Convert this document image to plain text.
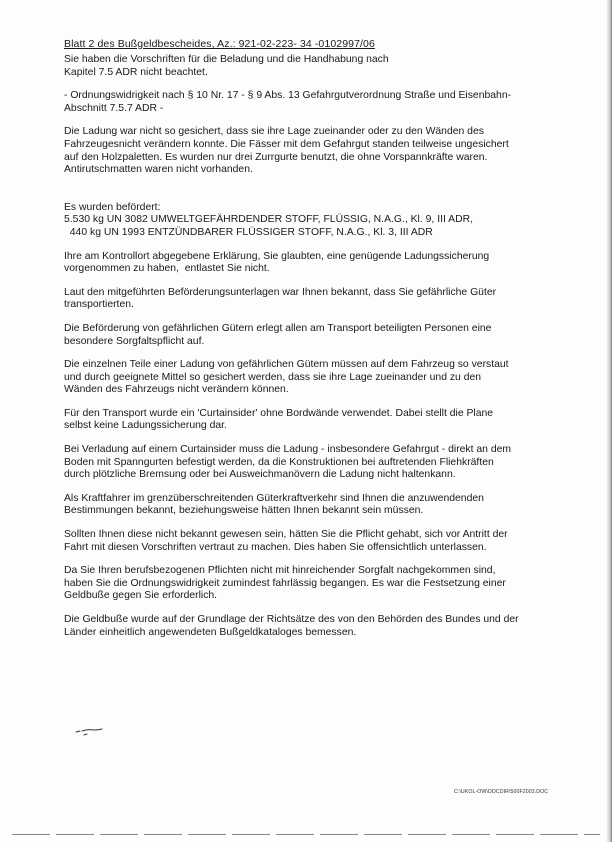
Blatt 2 des Bußgeldbescheides, Az.: 921-02-223- 34 -0102997/06

Sie haben die Vorschriften für die Beladung und die Handhabung nach
Kapitel 7.5 ADR nicht beachtet.

- Ordnungswidrigkeit nach § 10 Nr. 17 - § 9 Abs. 13 Gefahrgutverordnung Straße und Eisenbahn-
Abschnitt 7.5.7 ADR -

Die Ladung war nicht so gesichert, dass sie ihre Lage zueinander oder zu den Wänden des
Fahrzeugesnicht verändern konnte. Die Fässer mit dem Gefahrgut standen teilweise ungesichert
auf den Holzpaletten. Es wurden nur drei Zurrgurte benutzt, die ohne Vorspannkräfte waren.
Antirutschmatten waren nicht vorhanden.

Es wurden befördert:
5.530 kg UN 3082 UMWELTGEFÄHRDENDER STOFF, FLÜSSIG, N.A.G., Kl. 9, III ADR,
440 kg UN 1993 ENTZÜNDBARER FLÜSSIGER STOFF, N.A.G., Kl. 3, III ADR

Ihre am Kontrollort abgegebene Erklärung, Sie glaubten, eine genügende Ladungssicherung
vorgenommen zu haben,  entlastet Sie nicht.

Laut den mitgeführten Beförderungsunterlagen war Ihnen bekannt, dass Sie gefährliche Güter
transportierten.

Die Beförderung von gefährlichen Gütern erlegt allen am Transport beteiligten Personen eine
besondere Sorgfaltspflicht auf.

Die einzelnen Teile einer Ladung von gefährlichen Gütern müssen auf dem Fahrzeug so verstaut
und durch geeignete Mittel so gesichert werden, dass sie ihre Lage zueinander und zu den
Wänden des Fahrzeugs nicht verändern können.

Für den Transport wurde ein 'Curtainsider' ohne Bordwände verwendet. Dabei stellt die Plane
selbst keine Ladungssicherung dar.

Bei Verladung auf einem Curtainsider muss die Ladung - insbesondere Gefahrgut - direkt an dem
Boden mit Spanngurten befestigt werden, da die Konstruktionen bei auftretenden Fliehkräften
durch plötzliche Bremsung oder bei Ausweichmanövern die Ladung nicht haltenkann.

Als Kraftfahrer im grenzüberschreitenden Güterkraftverkehr sind Ihnen die anzuwendenden
Bestimmungen bekannt, beziehungsweise hätten Ihnen bekannt sein müssen.

Sollten Ihnen diese nicht bekannt gewesen sein, hätten Sie die Pflicht gehabt, sich vor Antritt der
Fahrt mit diesen Vorschriften vertraut zu machen. Dies haben Sie offensichtlich unterlassen.

Da Sie Ihren berufsbezogenen Pflichten nicht mit hinreichender Sorgfalt nachgekommen sind,
haben Sie die Ordnungswidrigkeit zumindest fahrlässig begangen. Es war die Festsetzung einer
Geldbuße gegen Sie erforderlich.

Die Geldbuße wurde auf der Grundlage der Richtsätze des von den Behörden des Bundes und der
Länder einheitlich angewendeten Bußgeldkataloges bemessen.

C:\UKOL-OW\DOCDIR\500F2003.DOC
